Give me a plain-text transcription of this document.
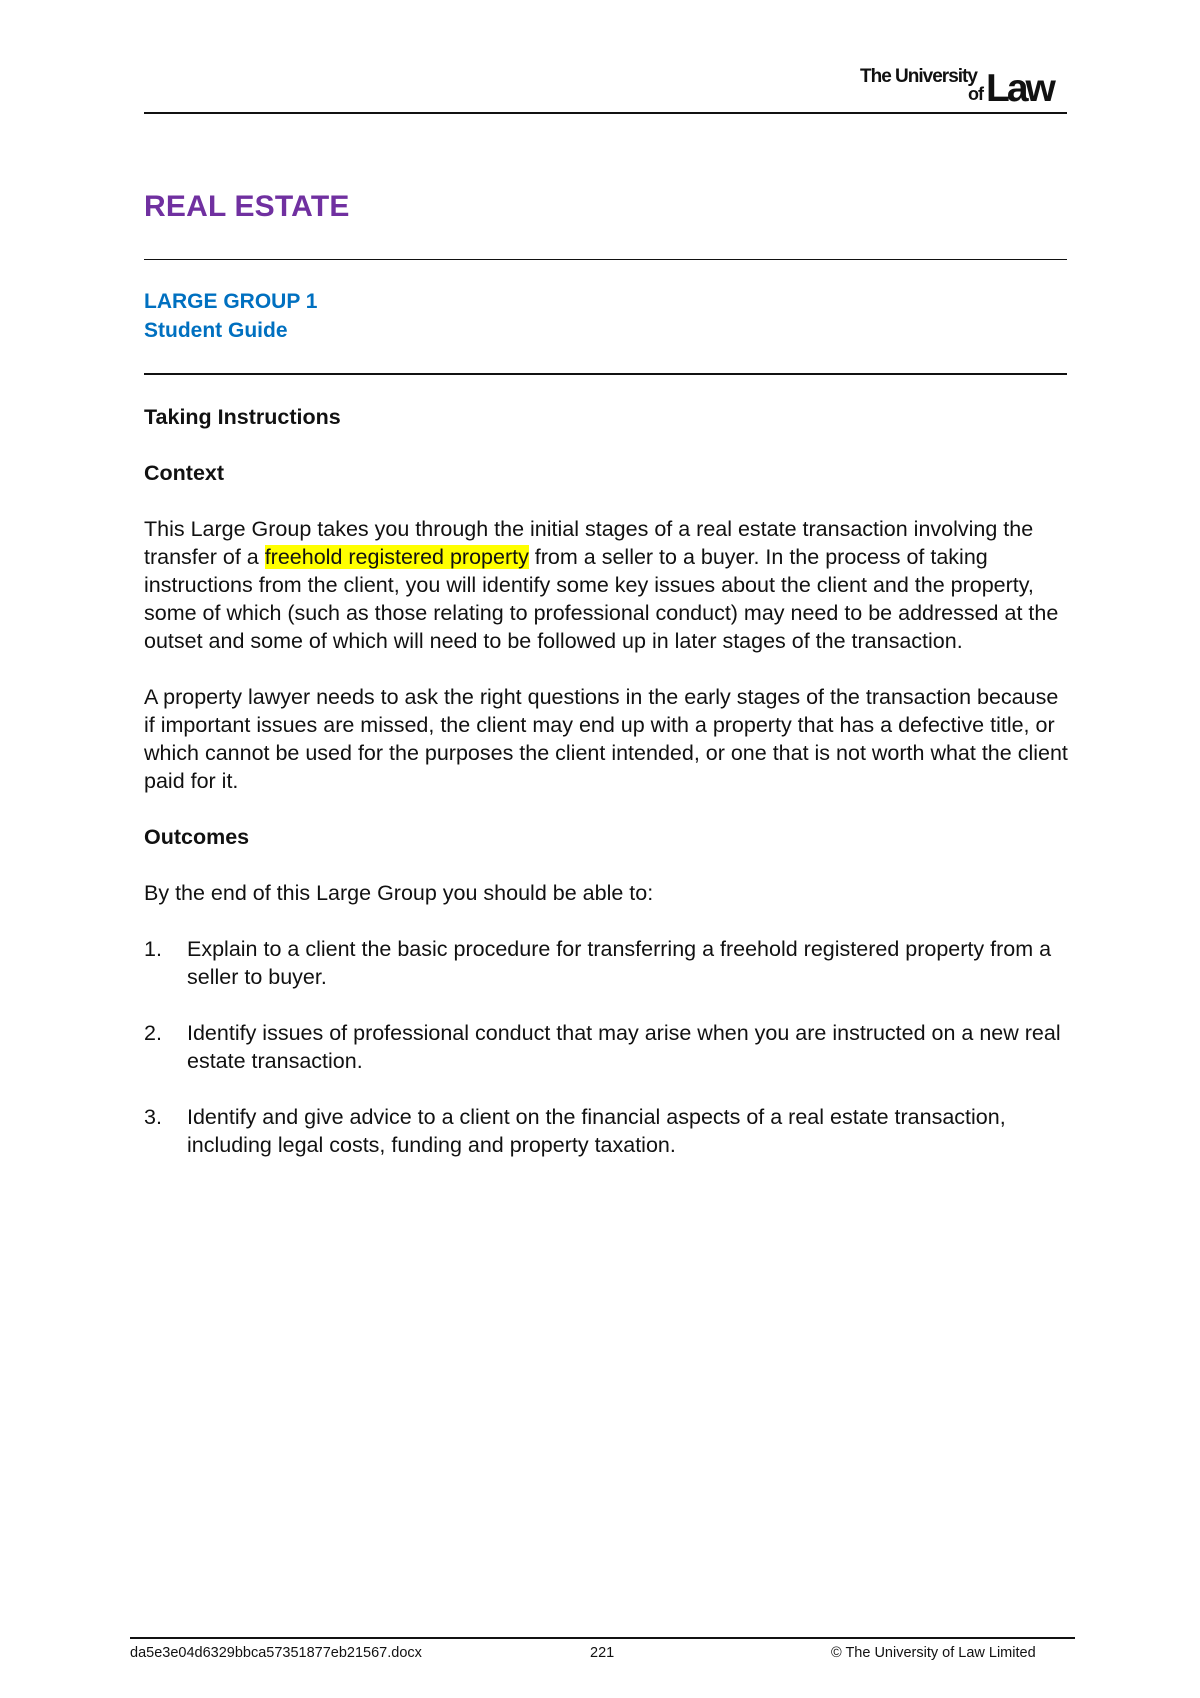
The University
of Law
REAL ESTATE
LARGE GROUP 1
Student Guide
Taking Instructions
Context

This Large Group takes you through the initial stages of a real estate transaction involving the transfer of a freehold registered property from a seller to a buyer. In the process of taking instructions from the client, you will identify some key issues about the client and the property, some of which (such as those relating to professional conduct) may need to be addressed at the outset and some of which will need to be followed up in later stages of the transaction.

A property lawyer needs to ask the right questions in the early stages of the transaction because if important issues are missed, the client may end up with a property that has a defective title, or which cannot be used for the purposes the client intended, or one that is not worth what the client paid for it.

Outcomes

By the end of this Large Group you should be able to:

1. Explain to a client the basic procedure for transferring a freehold registered property from a seller to buyer.
2. Identify issues of professional conduct that may arise when you are instructed on a new real estate transaction.
3. Identify and give advice to a client on the financial aspects of a real estate transaction, including legal costs, funding and property taxation.
da5e3e04d6329bbca57351877eb21567.docx	221	© The University of Law Limited
